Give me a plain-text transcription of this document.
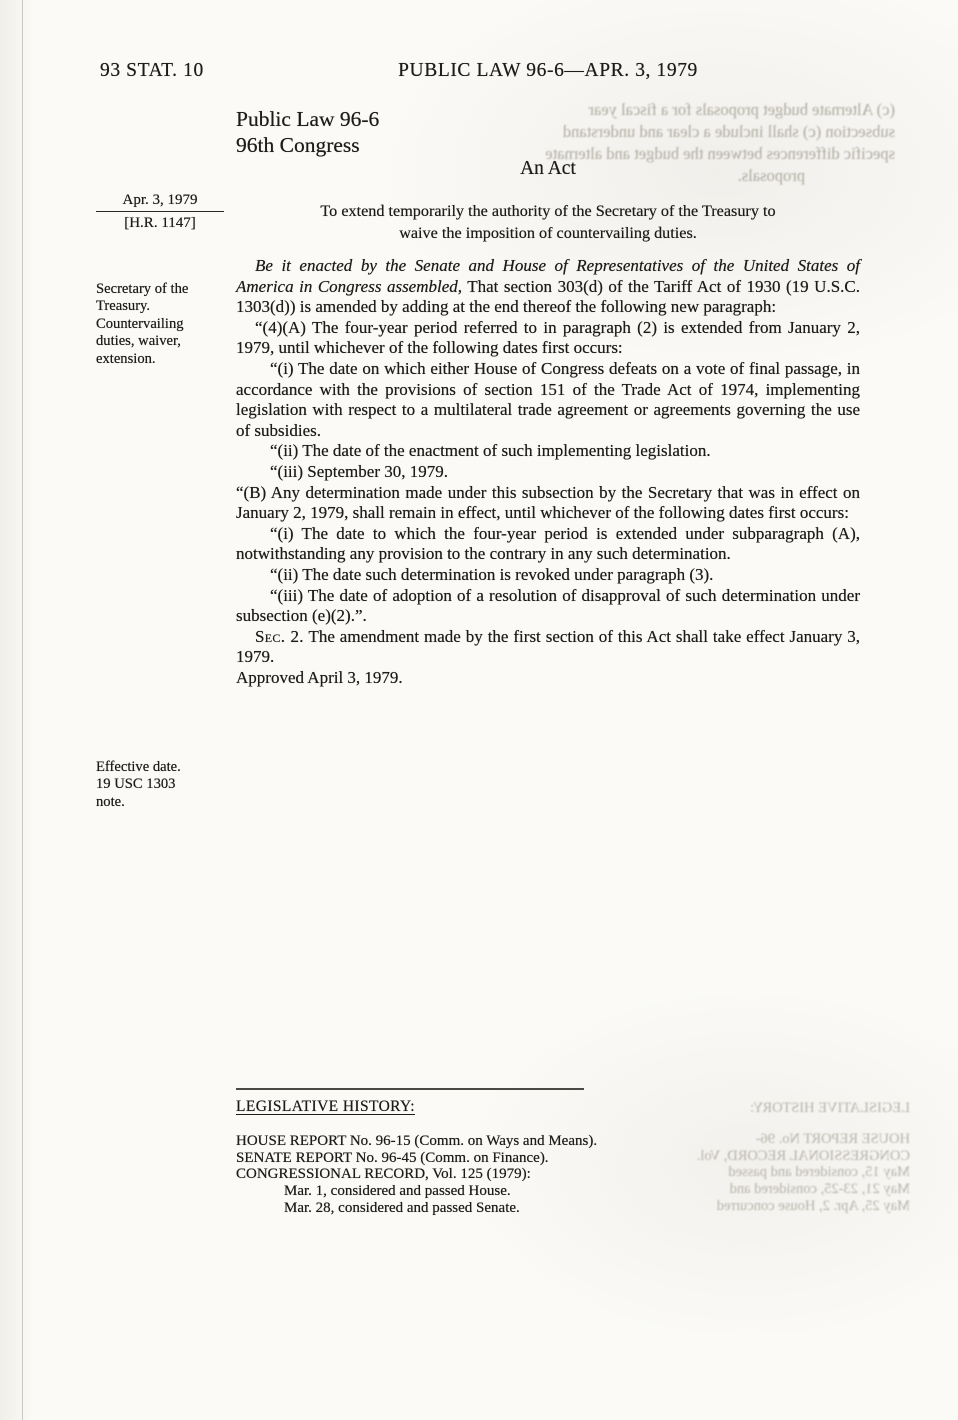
(c) Alternate budget proposals for a fiscal year
subsection (c) shall include a clear and understand
specific differences between the budget and alternate
proposals.
LEGISLATIVE HISTORY:
HOUSE REPORT No. 96-
CONGRESSIONAL RECORD, Vol.
May 15, considered and passed
May 21, 23-25, considered and
May 25, Apr. 2, House concurred
93 STAT. 10	PUBLIC LAW 96-6—APR. 3, 1979
Public Law 96-6
96th Congress
An Act
To extend temporarily the authority of the Secretary of the Treasury to
waive the imposition of countervailing duties.
Apr. 3, 1979
[H.R. 1147]
Secretary of the
Treasury.
Countervailing
duties, waiver,
extension.
Effective date.
19 USC 1303
note.

Be it enacted by the Senate and House of Representatives of the United States of America in Congress assembled, That section 303(d) of the Tariff Act of 1930 (19 U.S.C. 1303(d)) is amended by adding at the end thereof the following new paragraph:

“(4)(A) The four-year period referred to in paragraph (2) is extended from January 2, 1979, until whichever of the following dates first occurs:

“(i) The date on which either House of Congress defeats on a vote of final passage, in accordance with the provisions of section 151 of the Trade Act of 1974, implementing legislation with respect to a multilateral trade agreement or agreements governing the use of subsidies.

“(ii) The date of the enactment of such implementing legislation.

“(iii) September 30, 1979.

“(B) Any determination made under this subsection by the Secretary that was in effect on January 2, 1979, shall remain in effect, until whichever of the following dates first occurs:

“(i) The date to which the four-year period is extended under subparagraph (A), notwithstanding any provision to the contrary in any such determination.

“(ii) The date such determination is revoked under paragraph (3).

“(iii) The date of adoption of a resolution of disapproval of such determination under subsection (e)(2).”.

Sec. 2. The amendment made by the first section of this Act shall take effect January 3, 1979.

Approved April 3, 1979.

LEGISLATIVE HISTORY:
HOUSE REPORT No. 96-15 (Comm. on Ways and Means).
SENATE REPORT No. 96-45 (Comm. on Finance).
CONGRESSIONAL RECORD, Vol. 125 (1979):
Mar. 1, considered and passed House.
Mar. 28, considered and passed Senate.
